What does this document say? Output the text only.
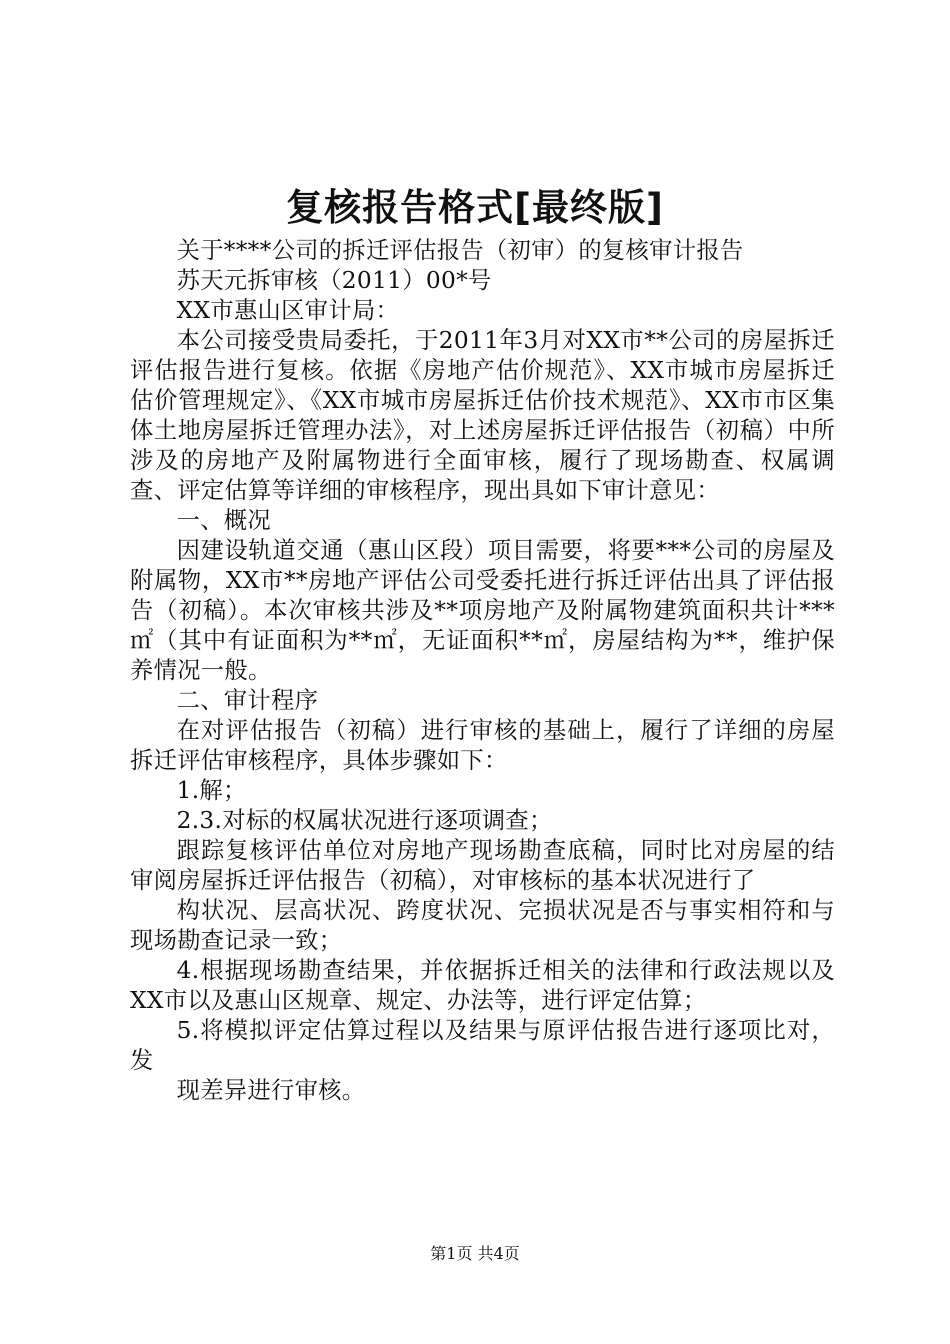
复核报告格式[最终版]

关于****公司的拆迁评估报告（初审）的复核审计报告

苏天元拆审核（2011）00*号

XX市惠山区审计局：

本公司接受贵局委托，于2011年3月对XX市**公司的房屋拆迁评估报告进行复核。依据《房地产估价规范》、XX市城市房屋拆迁估价管理规定》、《XX市城市房屋拆迁估价技术规范》、XX市市区集体土地房屋拆迁管理办法》，对上述房屋拆迁评估报告（初稿）中所涉及的房地产及附属物进行全面审核，履行了现场勘查、权属调查、评定估算等详细的审核程序，现出具如下审计意见：

一、概况

因建设轨道交通（惠山区段）项目需要，将要***公司的房屋及附属物，XX市**房地产评估公司受委托进行拆迁评估出具了评估报告（初稿）。本次审核共涉及**项房地产及附属物建筑面积共计***㎡（其中有证面积为**㎡，无证面积**㎡，房屋结构为**，维护保养情况一般。

二、审计程序

在对评估报告（初稿）进行审核的基础上，履行了详细的房屋拆迁评估审核程序，具体步骤如下：

1.解；

2.3.对标的权属状况进行逐项调查；

跟踪复核评估单位对房地产现场勘查底稿，同时比对房屋的结审阅房屋拆迁评估报告（初稿），对审核标的基本状况进行了

构状况、层高状况、跨度状况、完损状况是否与事实相符和与现场勘查记录一致；

4.根据现场勘查结果，并依据拆迁相关的法律和行政法规以及XX市以及惠山区规章、规定、办法等，进行评定估算；

5.将模拟评定估算过程以及结果与原评估报告进行逐项比对，发

现差异进行审核。

第1页 共4页
